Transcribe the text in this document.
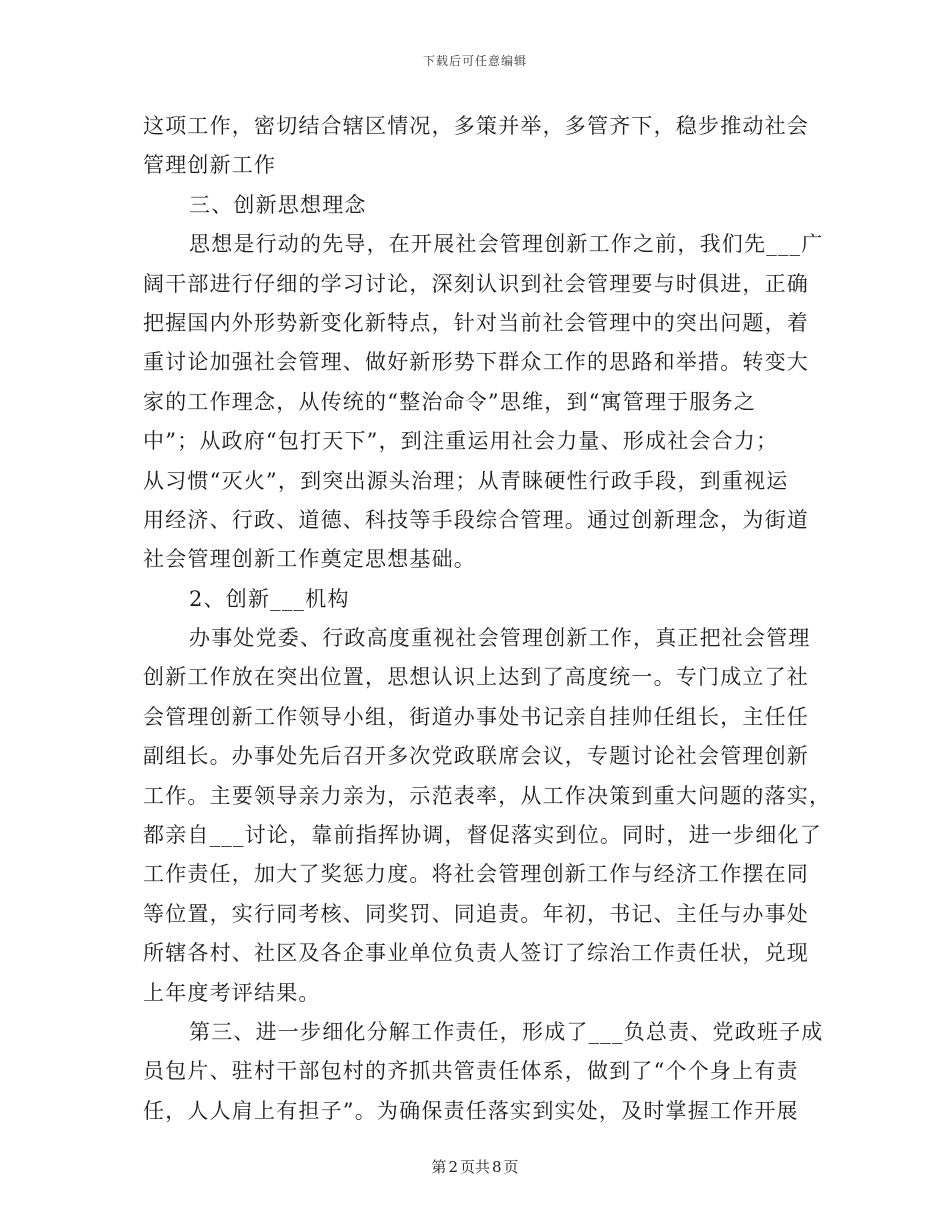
下载后可任意编辑
这项工作，密切结合辖区情况，多策并举，多管齐下，稳步推动社会
管理创新工作
三、创新思想理念
思想是行动的先导，在开展社会管理创新工作之前，我们先___广
阔干部进行仔细的学习讨论，深刻认识到社会管理要与时俱进，正确
把握国内外形势新变化新特点，针对当前社会管理中的突出问题，着
重讨论加强社会管理、做好新形势下群众工作的思路和举措。转变大
家的工作理念，从传统的“整治命令”思维，到“寓管理于服务之
中”；从政府“包打天下”，到注重运用社会力量、形成社会合力；
从习惯“灭火”，到突出源头治理；从青睐硬性行政手段，到重视运
用经济、行政、道德、科技等手段综合管理。通过创新理念，为街道
社会管理创新工作奠定思想基础。
2、创新___机构
办事处党委、行政高度重视社会管理创新工作，真正把社会管理
创新工作放在突出位置，思想认识上达到了高度统一。专门成立了社
会管理创新工作领导小组，街道办事处书记亲自挂帅任组长，主任任
副组长。办事处先后召开多次党政联席会议，专题讨论社会管理创新
工作。主要领导亲力亲为，示范表率，从工作决策到重大问题的落实，
都亲自___讨论，靠前指挥协调，督促落实到位。同时，进一步细化了
工作责任，加大了奖惩力度。将社会管理创新工作与经济工作摆在同
等位置，实行同考核、同奖罚、同追责。年初，书记、主任与办事处
所辖各村、社区及各企事业单位负责人签订了综治工作责任状，兑现
上年度考评结果。
第三、进一步细化分解工作责任，形成了___负总责、党政班子成
员包片、驻村干部包村的齐抓共管责任体系，做到了“个个身上有责
任，人人肩上有担子”。为确保责任落实到实处，及时掌握工作开展
第 2 页共 8 页
